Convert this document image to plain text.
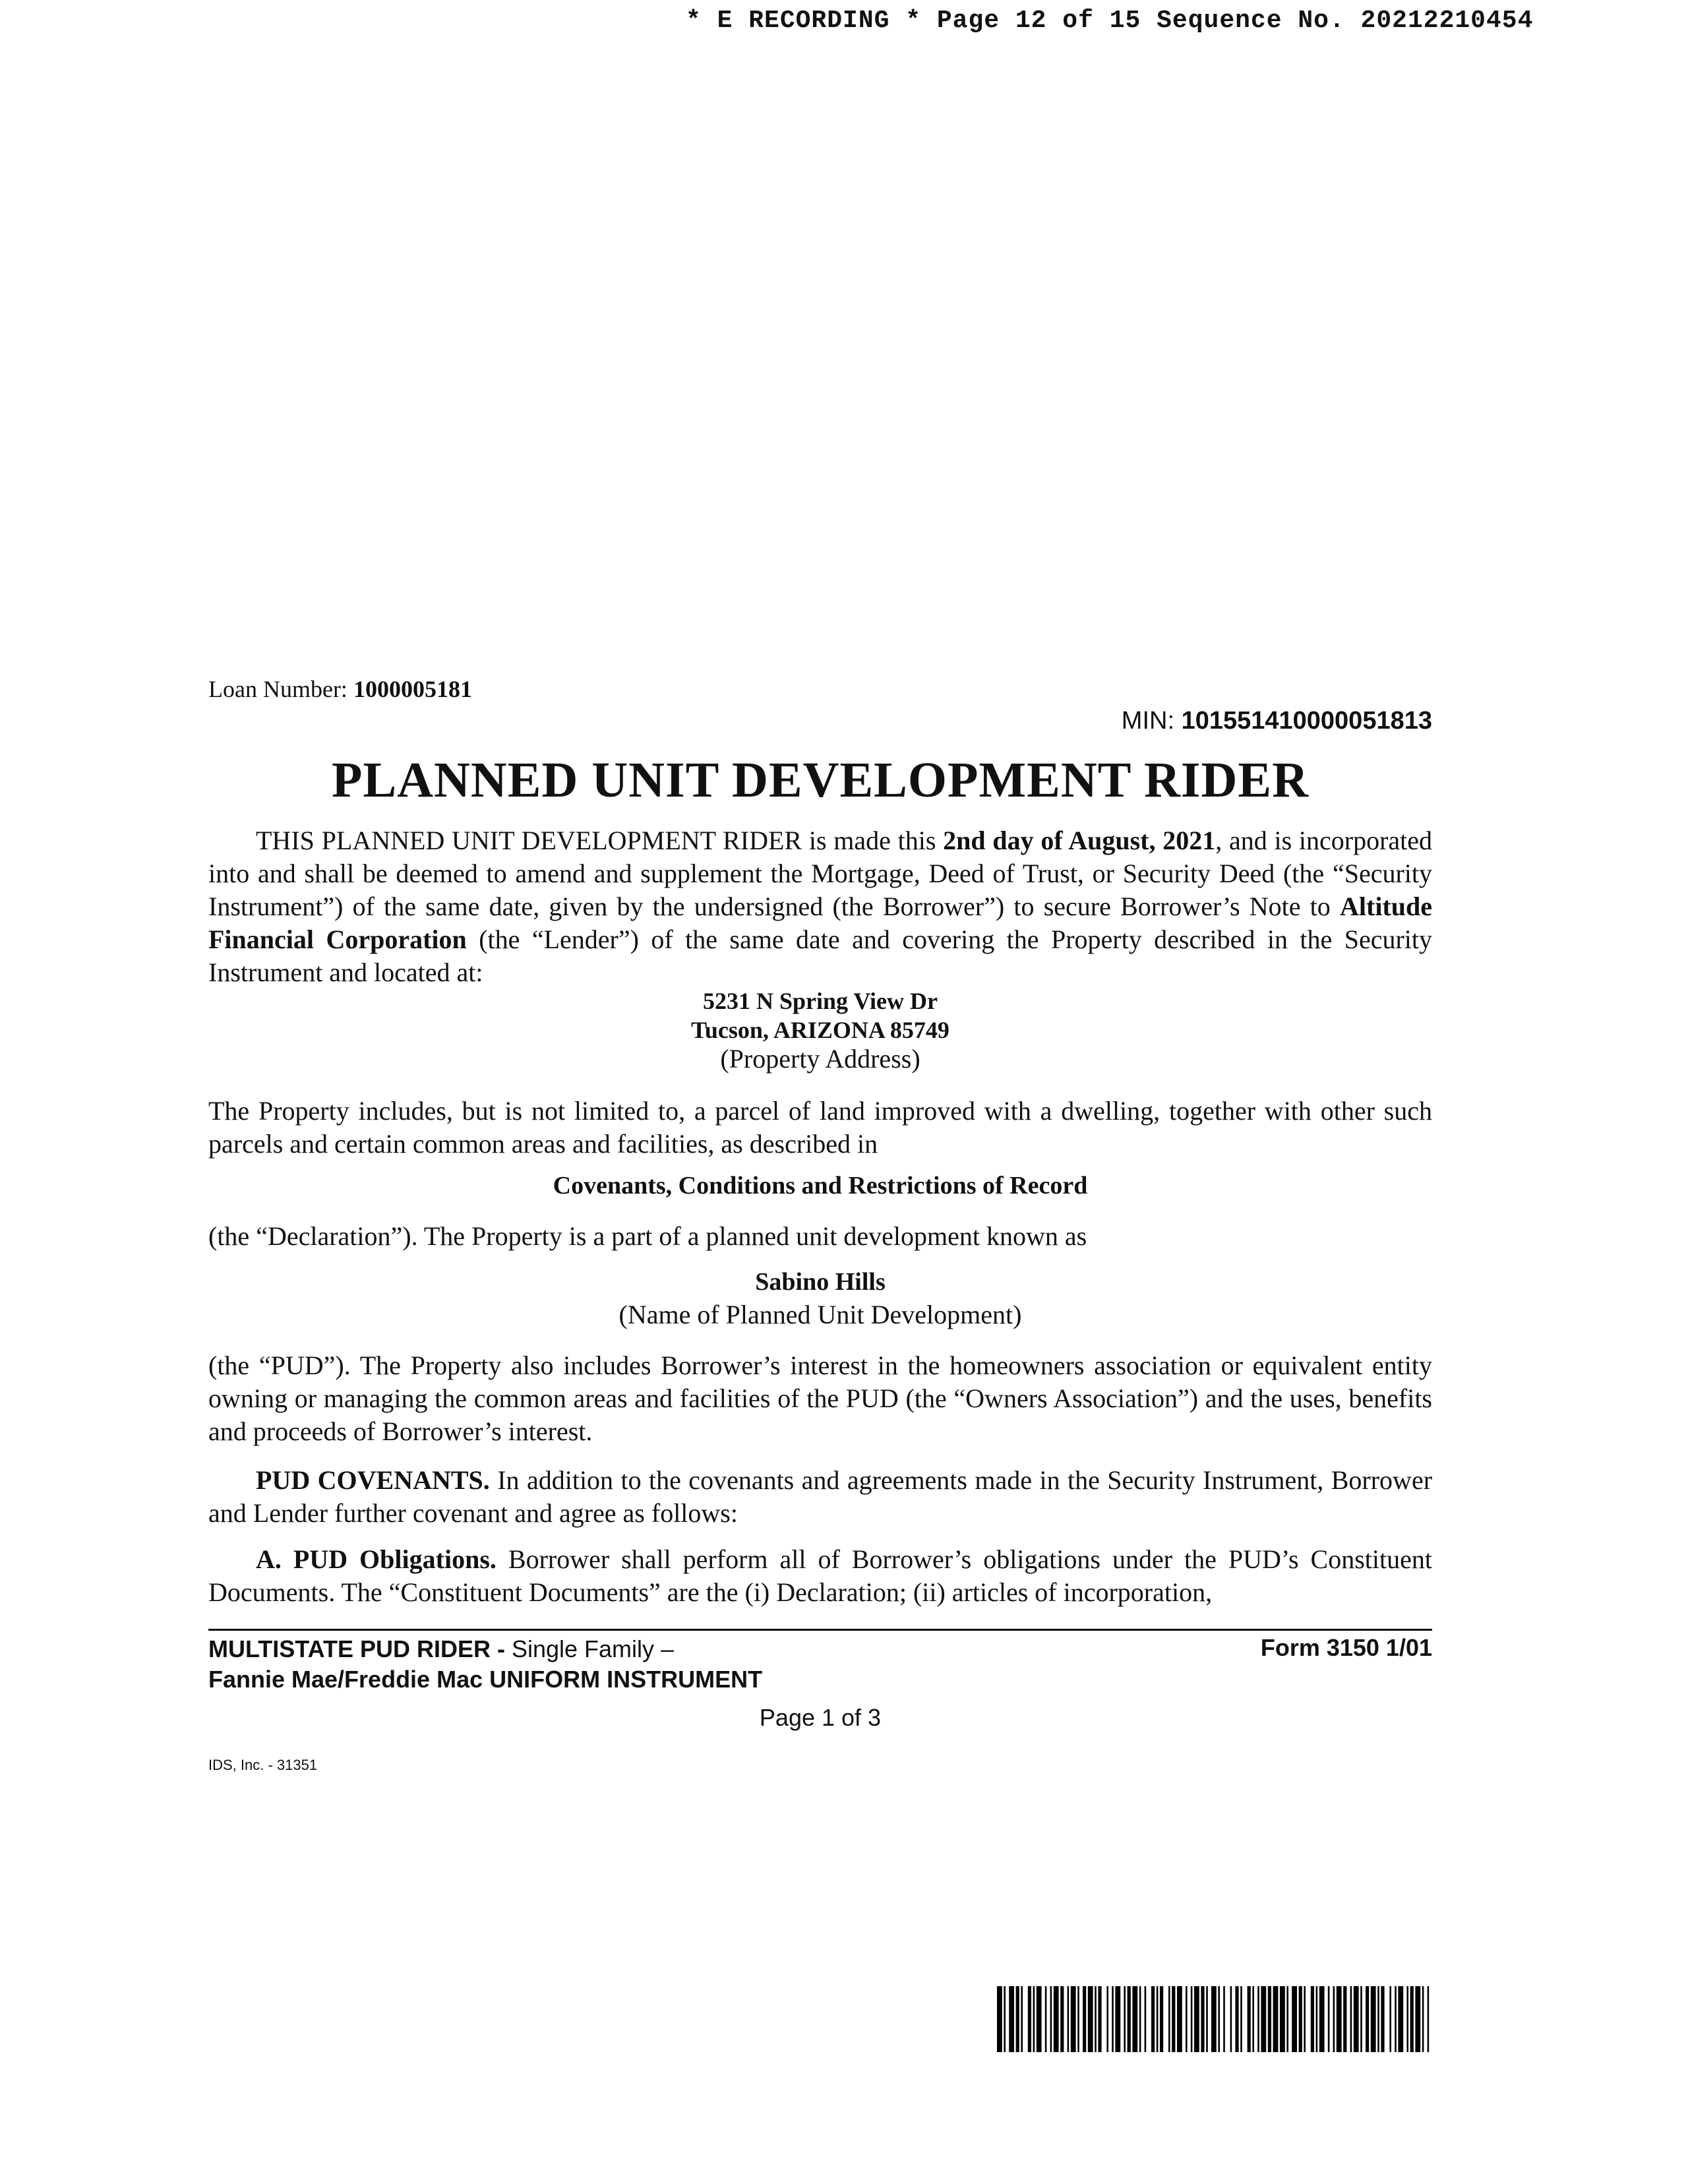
* E RECORDING * Page 12 of 15 Sequence No. 20212210454
Loan Number: 1000005181
MIN: 101551410000051813
PLANNED UNIT DEVELOPMENT RIDER
THIS PLANNED UNIT DEVELOPMENT RIDER is made this 2nd day of August, 2021, and is incorporated into and shall be deemed to amend and supplement the Mortgage, Deed of Trust, or Security Deed (the “Security Instrument”) of the same date, given by the undersigned (the Borrower”) to secure Borrower’s Note to Altitude Financial Corporation (the “Lender”) of the same date and covering the Property described in the Security Instrument and located at:
5231 N Spring View Dr
Tucson, ARIZONA 85749
(Property Address)
The Property includes, but is not limited to, a parcel of land improved with a dwelling, together with other such parcels and certain common areas and facilities, as described in
Covenants, Conditions and Restrictions of Record
(the “Declaration”). The Property is a part of a planned unit development known as
Sabino Hills
(Name of Planned Unit Development)
(the “PUD”). The Property also includes Borrower’s interest in the homeowners association or equivalent entity owning or managing the common areas and facilities of the PUD (the “Owners Association”) and the uses, benefits and proceeds of Borrower’s interest.
PUD COVENANTS. In addition to the covenants and agreements made in the Security Instrument, Borrower and Lender further covenant and agree as follows:
A. PUD Obligations. Borrower shall perform all of Borrower’s obligations under the PUD’s Constituent Documents. The “Constituent Documents” are the (i) Declaration; (ii) articles of incorporation,
MULTISTATE PUD RIDER - Single Family –
Fannie Mae/Freddie Mac UNIFORM INSTRUMENT
Form 3150 1/01
Page 1 of 3
IDS, Inc. - 31351
